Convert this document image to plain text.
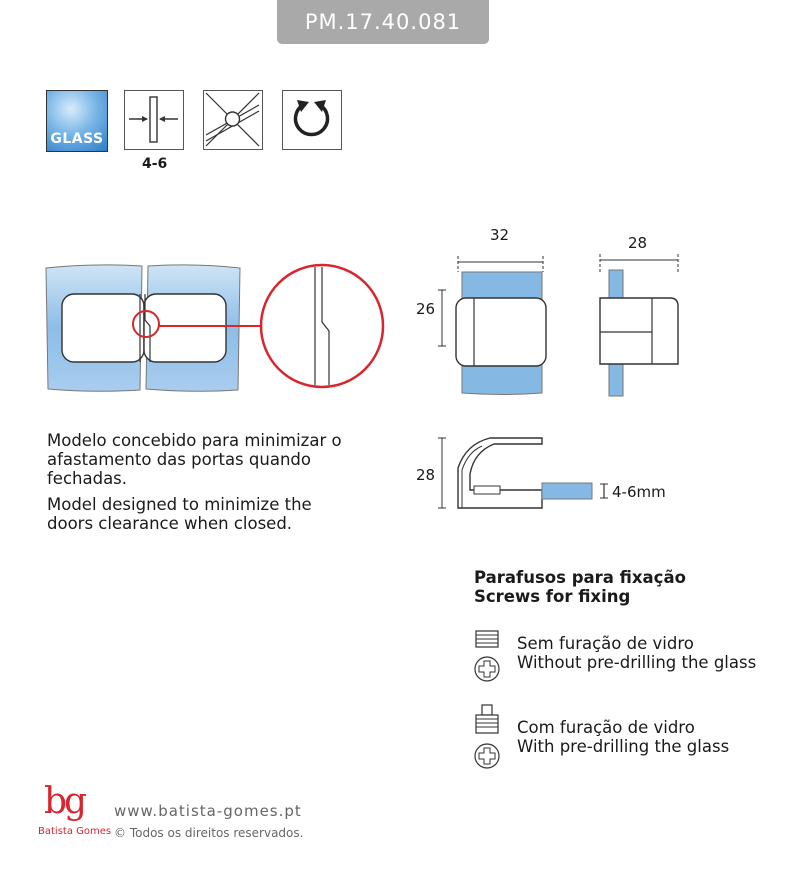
PM.17.40.081
GLASS
4-6
32
26
28
28
4-6mm
Modelo concebido para minimizar o afastamento das portas quando fechadas.
Model designed to minimize the doors clearance when closed.
Parafusos para fixação
Screws for fixing
Sem furação de vidro
Without pre-drilling the glass
Com furação de vidro
With pre-drilling the glass
bg
Batista Gomes
www.batista-gomes.pt
© Todos os direitos reservados.
